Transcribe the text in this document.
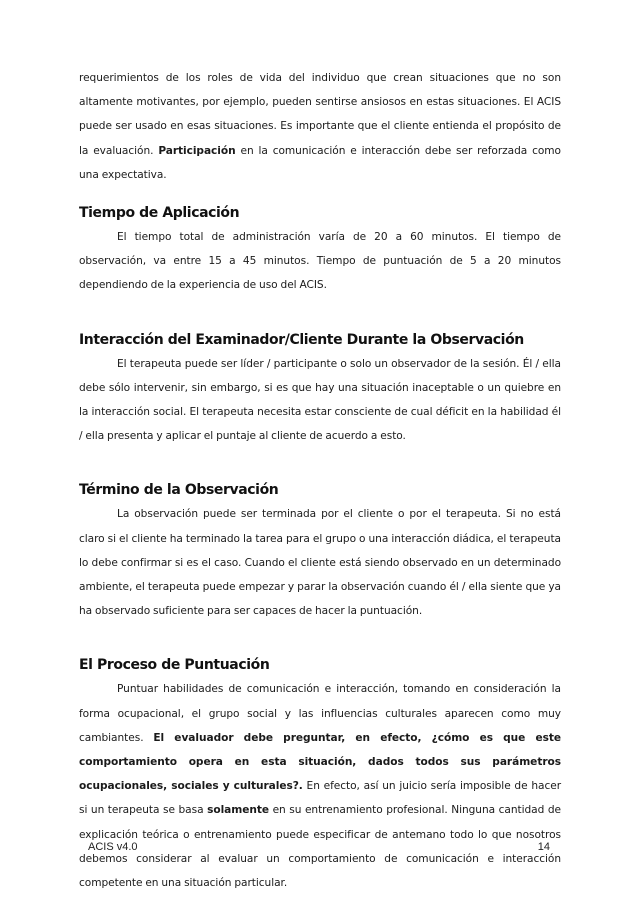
requerimientos de los roles de vida del individuo que crean situaciones que no son altamente motivantes, por ejemplo, pueden sentirse ansiosos en estas situaciones. El ACIS puede ser usado en esas situaciones. Es importante que el cliente entienda el propósito de la evaluación. Participación en la comunicación e interacción debe ser reforzada como una expectativa.

Tiempo de Aplicación

El tiempo total de administración varía de 20 a 60 minutos. El tiempo de observación, va entre 15 a 45 minutos. Tiempo de puntuación de 5 a 20 minutos dependiendo de la experiencia de uso del ACIS.

Interacción del Examinador/Cliente Durante la Observación

El terapeuta puede ser líder / participante o solo un observador de la sesión. Él / ella debe sólo intervenir, sin embargo, si es que hay una situación inaceptable o un quiebre en la interacción social. El terapeuta necesita estar consciente de cual déficit en la habilidad él / ella presenta y aplicar el puntaje al cliente de acuerdo a esto.

Término de la Observación

La observación puede ser terminada por el cliente o por el terapeuta. Si no está claro si el cliente ha terminado la tarea para el grupo o una interacción diádica, el terapeuta lo debe confirmar si es el caso. Cuando el cliente está siendo observado en un determinado ambiente, el terapeuta puede empezar y parar la observación cuando él / ella siente que ya ha observado suficiente para ser capaces de hacer la puntuación.

El Proceso de Puntuación

Puntuar habilidades de comunicación e interacción, tomando en consideración la forma ocupacional, el grupo social y las influencias culturales aparecen como muy cambiantes. El evaluador debe preguntar, en efecto, ¿cómo es que este comportamiento opera en esta situación, dados todos sus parámetros ocupacionales, sociales y culturales?. En efecto, así un juicio sería imposible de hacer si un terapeuta se basa solamente en su entrenamiento profesional. Ninguna cantidad de explicación teórica o entrenamiento puede especificar de antemano todo lo que nosotros debemos considerar al evaluar un comportamiento de comunicación e interacción competente en una situación particular.

ACIS v4.0	14
